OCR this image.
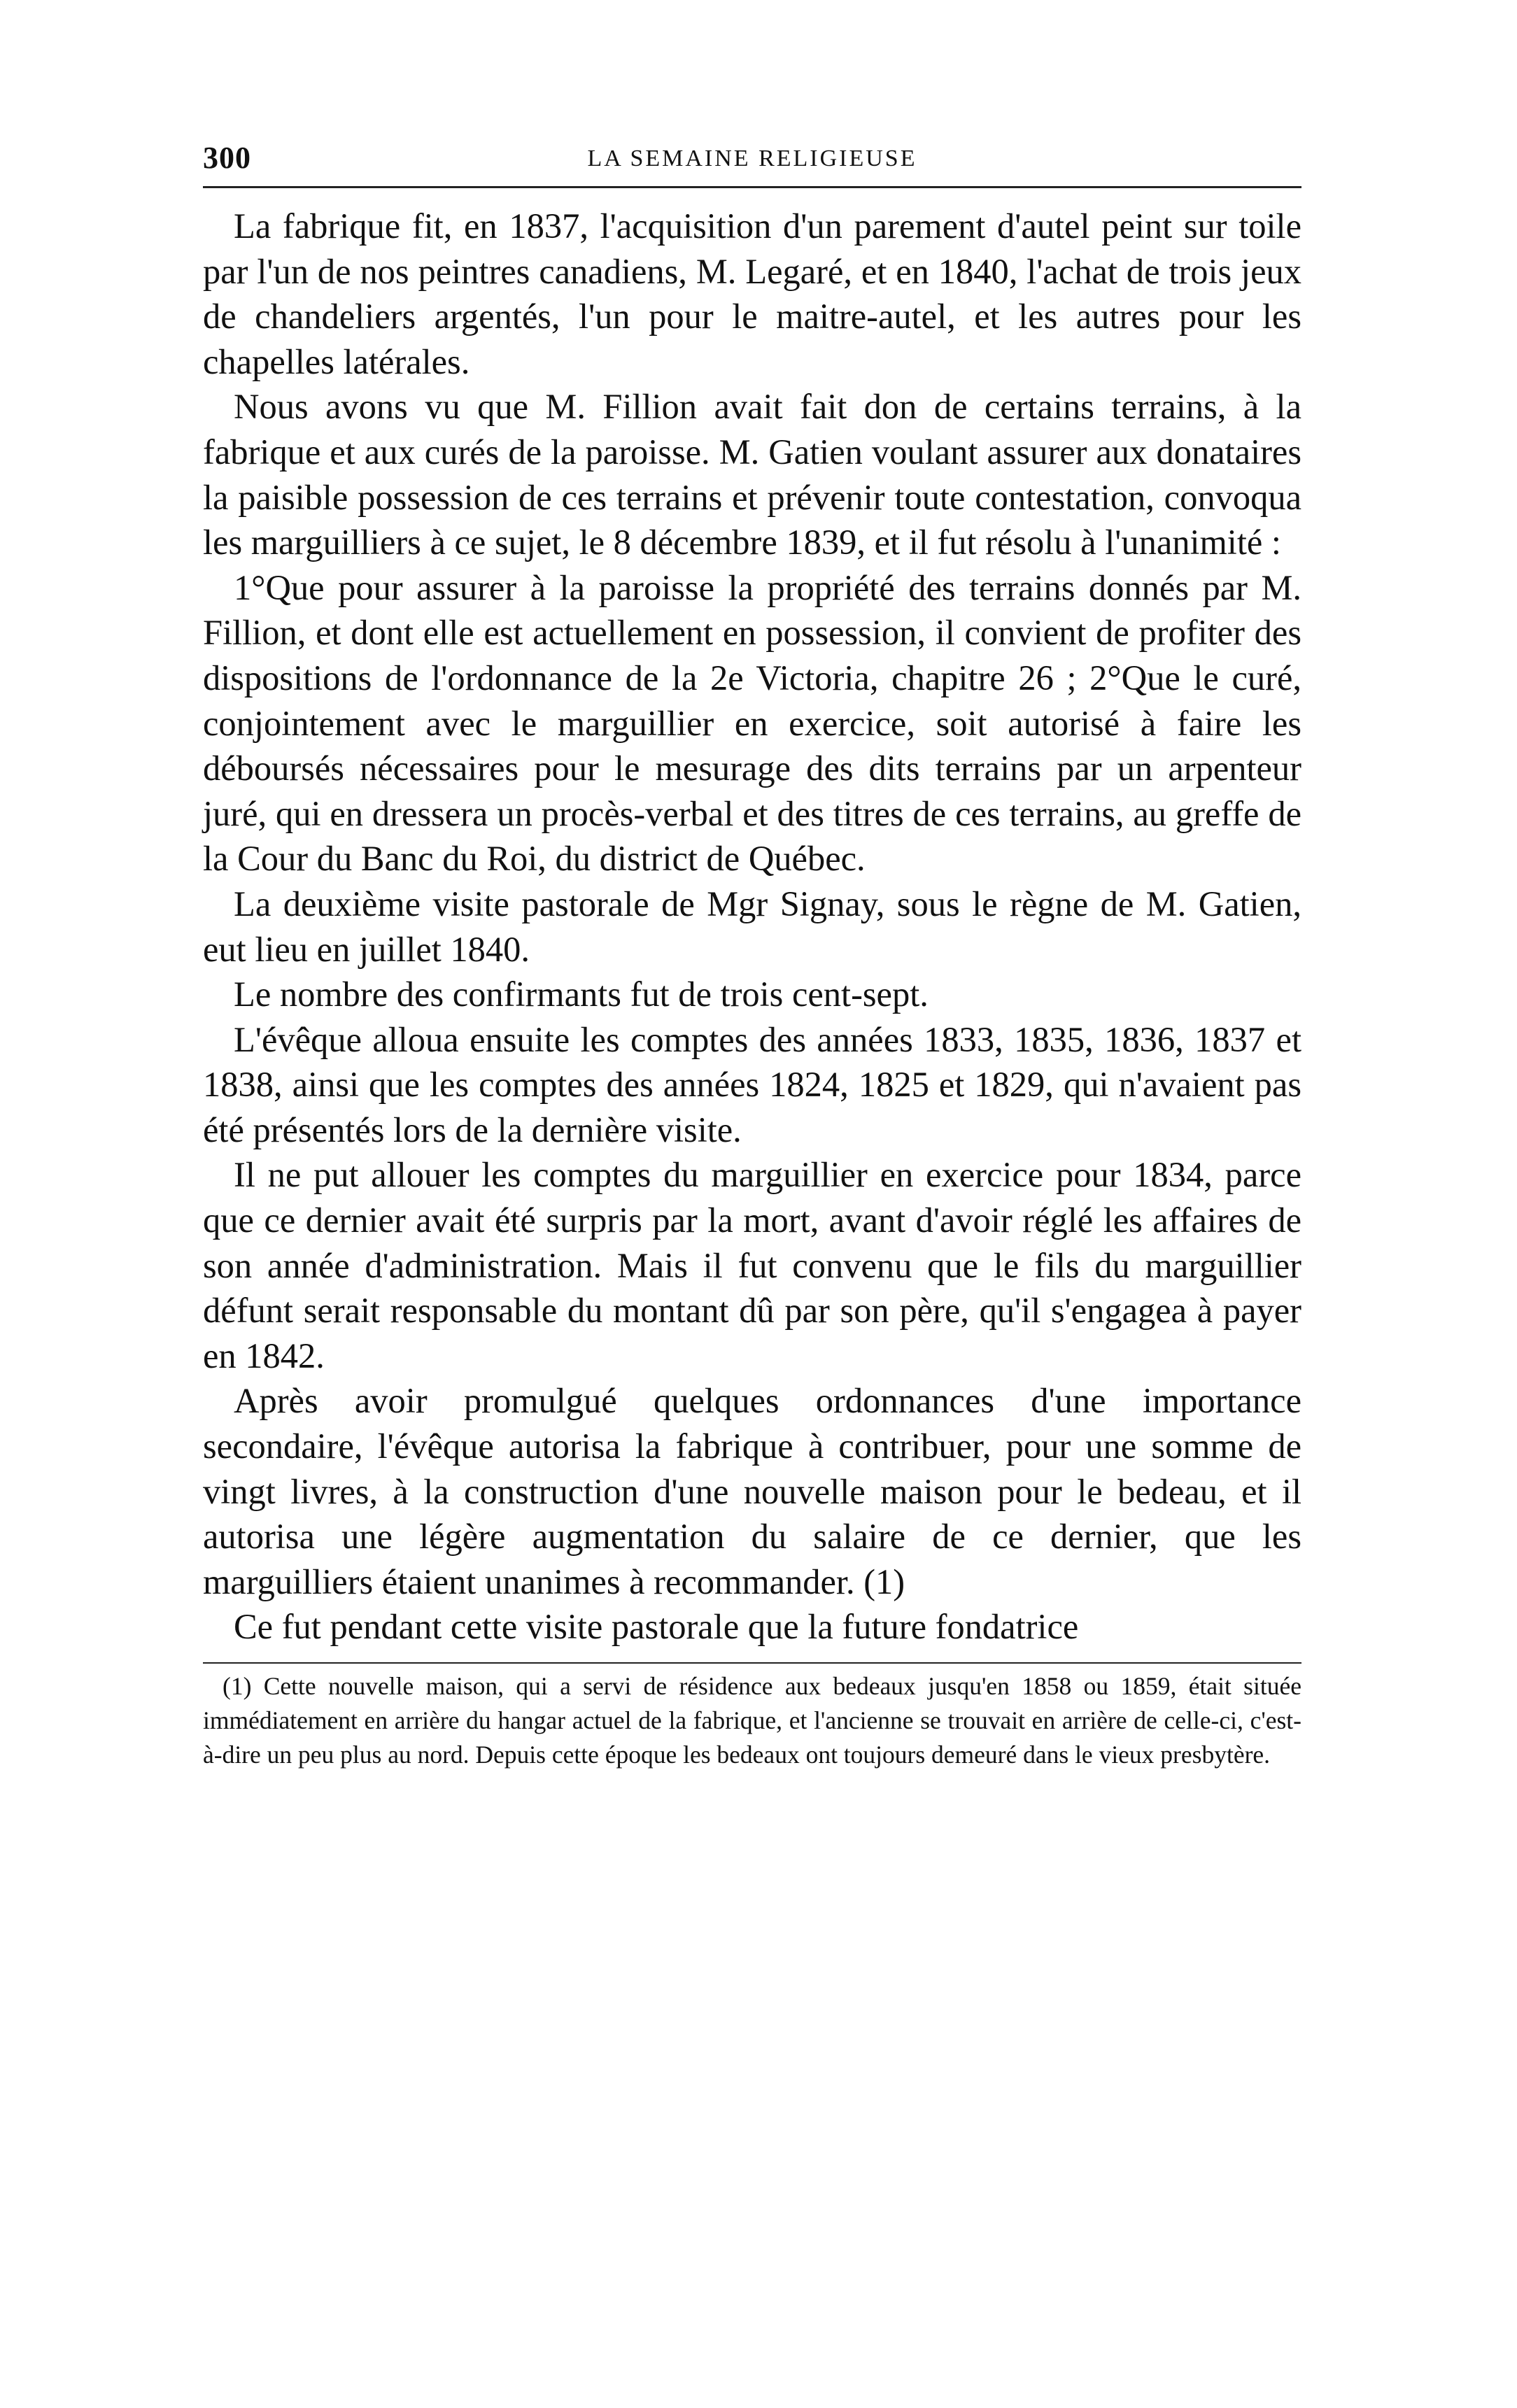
300	LA SEMAINE RELIGIEUSE

La fabrique fit, en 1837, l'acquisition d'un parement d'autel peint sur toile par l'un de nos peintres canadiens, M. Legaré, et en 1840, l'achat de trois jeux de chandeliers argentés, l'un pour le maitre-autel, et les autres pour les chapelles latérales.

Nous avons vu que M. Fillion avait fait don de certains terrains, à la fabrique et aux curés de la paroisse. M. Gatien voulant assurer aux donataires la paisible possession de ces terrains et prévenir toute contestation, convoqua les marguilliers à ce sujet, le 8 décembre 1839, et il fut résolu à l'unanimité :

1°Que pour assurer à la paroisse la propriété des terrains donnés par M. Fillion, et dont elle est actuellement en possession, il convient de profiter des dispositions de l'ordonnance de la 2e Victoria, chapitre 26 ; 2°Que le curé, conjointement avec le marguillier en exercice, soit autorisé à faire les déboursés nécessaires pour le mesurage des dits terrains par un arpenteur juré, qui en dressera un procès-verbal et des titres de ces terrains, au greffe de la Cour du Banc du Roi, du district de Québec.

La deuxième visite pastorale de Mgr Signay, sous le règne de M. Gatien, eut lieu en juillet 1840.

Le nombre des confirmants fut de trois cent-sept.

L'évêque alloua ensuite les comptes des années 1833, 1835, 1836, 1837 et 1838, ainsi que les comptes des années 1824, 1825 et 1829, qui n'avaient pas été présentés lors de la dernière visite.

Il ne put allouer les comptes du marguillier en exercice pour 1834, parce que ce dernier avait été surpris par la mort, avant d'avoir réglé les affaires de son année d'administration. Mais il fut convenu que le fils du marguillier défunt serait responsable du montant dû par son père, qu'il s'engagea à payer en 1842.

Après avoir promulgué quelques ordonnances d'une importance secondaire, l'évêque autorisa la fabrique à contribuer, pour une somme de vingt livres, à la construction d'une nouvelle maison pour le bedeau, et il autorisa une légère augmentation du salaire de ce dernier, que les marguilliers étaient unanimes à recommander. (1)

Ce fut pendant cette visite pastorale que la future fondatrice

(1) Cette nouvelle maison, qui a servi de résidence aux bedeaux jusqu'en 1858 ou 1859, était située immédiatement en arrière du hangar actuel de la fabrique, et l'ancienne se trouvait en arrière de celle-ci, c'est-à-dire un peu plus au nord. Depuis cette époque les bedeaux ont toujours demeuré dans le vieux presbytère.
